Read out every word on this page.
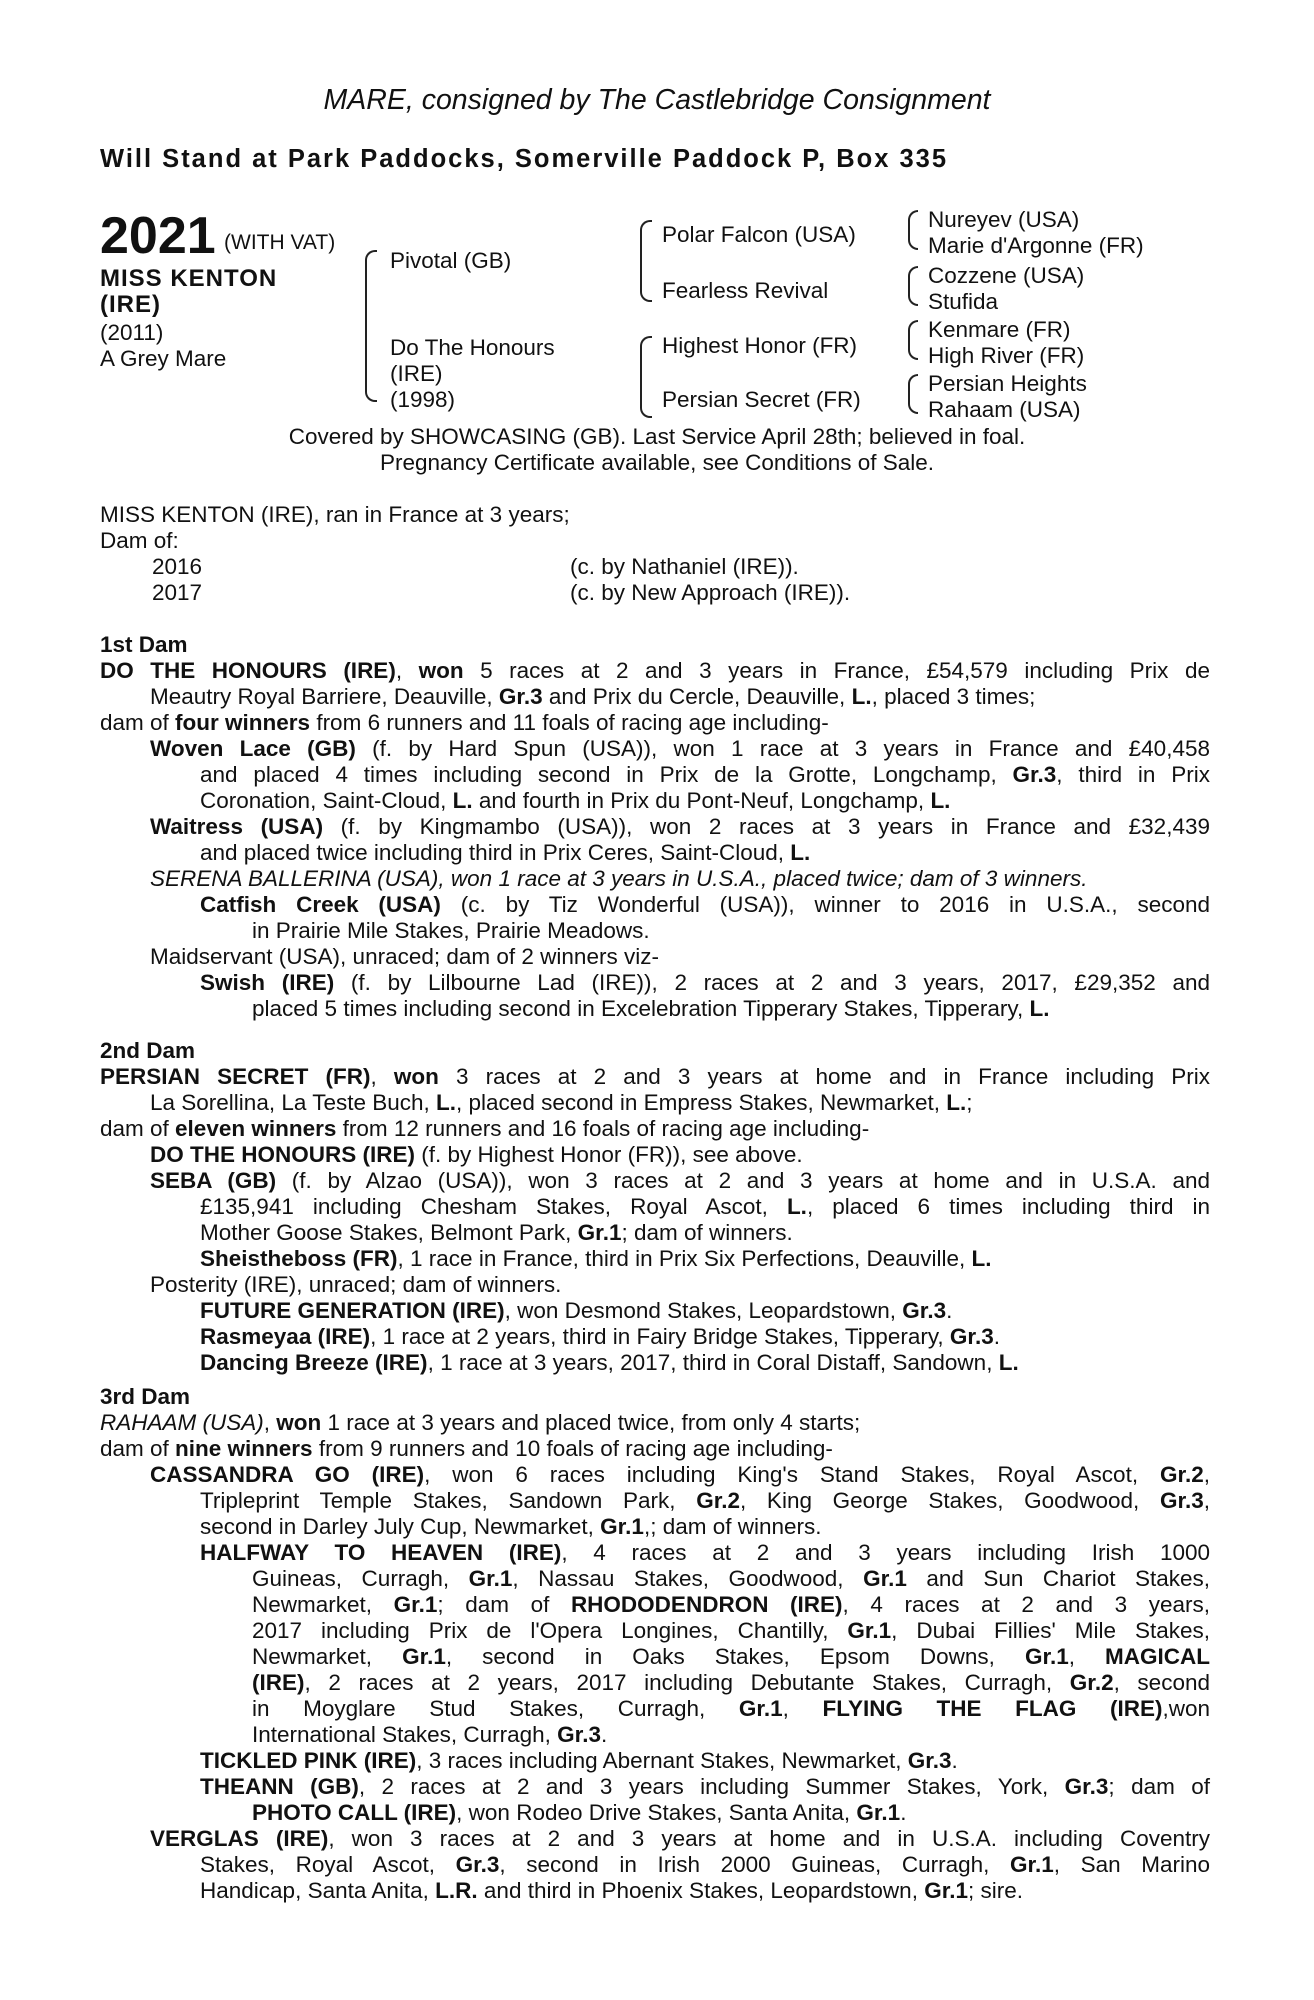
MARE, consigned by The Castlebridge Consignment
Will Stand at Park Paddocks, Somerville Paddock P, Box 335
2021 (WITH VAT)
MISS KENTON
(IRE)
(2011)
A Grey Mare
Pivotal (GB)
Do The Honours
(IRE)
(1998)
Polar Falcon (USA)
Fearless Revival
Highest Honor (FR)
Persian Secret (FR)
Nureyev (USA)
Marie d'Argonne (FR)
Cozzene (USA)
Stufida
Kenmare (FR)
High River (FR)
Persian Heights
Rahaam (USA)
Covered by SHOWCASING (GB). Last Service April 28th; believed in foal.
Pregnancy Certificate available, see Conditions of Sale.
MISS KENTON (IRE), ran in France at 3 years;
Dam of:
2016	(c. by Nathaniel (IRE)).
2017	(c. by New Approach (IRE)).
1st Dam
DO THE HONOURS (IRE), won 5 races at 2 and 3 years in France, £54,579 including Prix de
Meautry Royal Barriere, Deauville, Gr.3 and Prix du Cercle, Deauville, L., placed 3 times;
dam of four winners from 6 runners and 11 foals of racing age including-
Woven Lace (GB) (f. by Hard Spun (USA)), won 1 race at 3 years in France and £40,458
and placed 4 times including second in Prix de la Grotte, Longchamp, Gr.3, third in Prix
Coronation, Saint-Cloud, L. and fourth in Prix du Pont-Neuf, Longchamp, L.
Waitress (USA) (f. by Kingmambo (USA)), won 2 races at 3 years in France and £32,439
and placed twice including third in Prix Ceres, Saint-Cloud, L.
SERENA BALLERINA (USA), won 1 race at 3 years in U.S.A., placed twice; dam of 3 winners.
Catfish Creek (USA) (c. by Tiz Wonderful (USA)), winner to 2016 in U.S.A., second
in Prairie Mile Stakes, Prairie Meadows.
Maidservant (USA), unraced; dam of 2 winners viz-
Swish (IRE) (f. by Lilbourne Lad (IRE)), 2 races at 2 and 3 years, 2017, £29,352 and
placed 5 times including second in Excelebration Tipperary Stakes, Tipperary, L.
2nd Dam
PERSIAN SECRET (FR), won 3 races at 2 and 3 years at home and in France including Prix
La Sorellina, La Teste Buch, L., placed second in Empress Stakes, Newmarket, L.;
dam of eleven winners from 12 runners and 16 foals of racing age including-
DO THE HONOURS (IRE) (f. by Highest Honor (FR)), see above.
SEBA (GB) (f. by Alzao (USA)), won 3 races at 2 and 3 years at home and in U.S.A. and
£135,941 including Chesham Stakes, Royal Ascot, L., placed 6 times including third in
Mother Goose Stakes, Belmont Park, Gr.1; dam of winners.
Sheistheboss (FR), 1 race in France, third in Prix Six Perfections, Deauville, L.
Posterity (IRE), unraced; dam of winners.
FUTURE GENERATION (IRE), won Desmond Stakes, Leopardstown, Gr.3.
Rasmeyaa (IRE), 1 race at 2 years, third in Fairy Bridge Stakes, Tipperary, Gr.3.
Dancing Breeze (IRE), 1 race at 3 years, 2017, third in Coral Distaff, Sandown, L.
3rd Dam
RAHAAM (USA), won 1 race at 3 years and placed twice, from only 4 starts;
dam of nine winners from 9 runners and 10 foals of racing age including-
CASSANDRA GO (IRE), won 6 races including King's Stand Stakes, Royal Ascot, Gr.2,
Tripleprint Temple Stakes, Sandown Park, Gr.2, King George Stakes, Goodwood, Gr.3,
second in Darley July Cup, Newmarket, Gr.1,; dam of winners.
HALFWAY TO HEAVEN (IRE), 4 races at 2 and 3 years including Irish 1000
Guineas, Curragh, Gr.1, Nassau Stakes, Goodwood, Gr.1 and Sun Chariot Stakes,
Newmarket, Gr.1; dam of RHODODENDRON (IRE), 4 races at 2 and 3 years,
2017 including Prix de l'Opera Longines, Chantilly, Gr.1, Dubai Fillies' Mile Stakes,
Newmarket, Gr.1, second in Oaks Stakes, Epsom Downs, Gr.1, MAGICAL
(IRE), 2 races at 2 years, 2017 including Debutante Stakes, Curragh, Gr.2, second
in Moyglare Stud Stakes, Curragh, Gr.1, FLYING THE FLAG (IRE),won
International Stakes, Curragh, Gr.3.
TICKLED PINK (IRE), 3 races including Abernant Stakes, Newmarket, Gr.3.
THEANN (GB), 2 races at 2 and 3 years including Summer Stakes, York, Gr.3; dam of
PHOTO CALL (IRE), won Rodeo Drive Stakes, Santa Anita, Gr.1.
VERGLAS (IRE), won 3 races at 2 and 3 years at home and in U.S.A. including Coventry
Stakes, Royal Ascot, Gr.3, second in Irish 2000 Guineas, Curragh, Gr.1, San Marino
Handicap, Santa Anita, L.R. and third in Phoenix Stakes, Leopardstown, Gr.1; sire.
